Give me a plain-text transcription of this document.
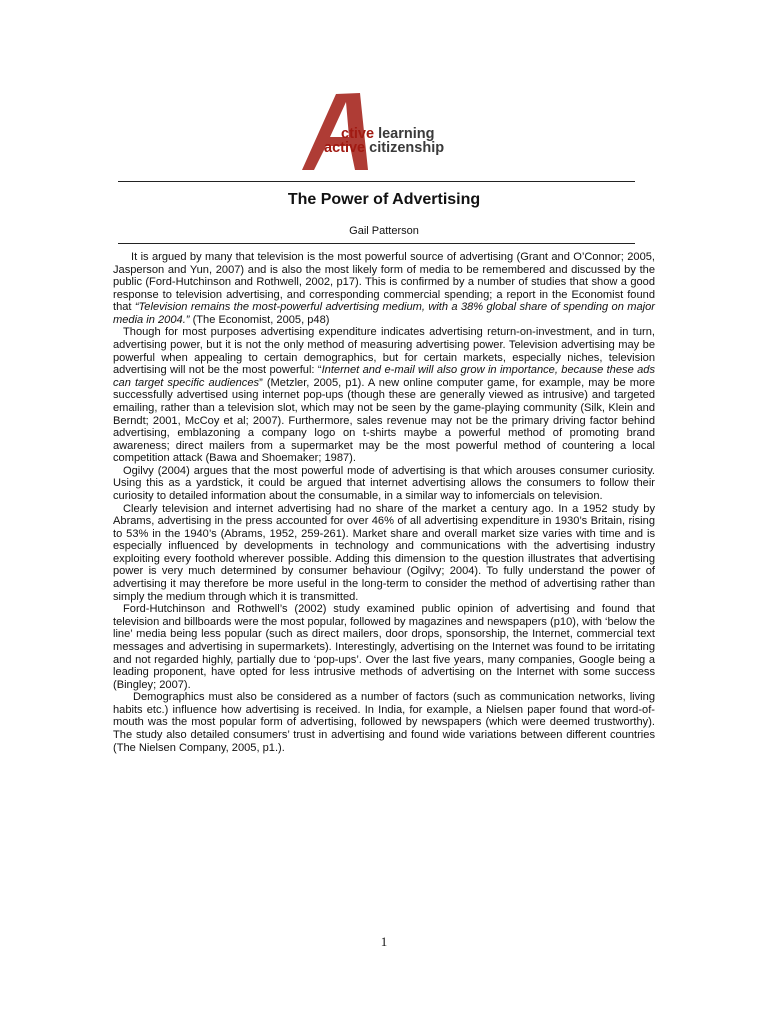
ctive learning
active citizenship
The Power of Advertising

Gail Patterson

It is argued by many that television is the most powerful source of advertising (Grant and O’Connor; 2005, Jasperson and Yun, 2007) and is also the most likely form of media to be remembered and discussed by the public (Ford-Hutchinson and Rothwell, 2002, p17). This is confirmed by a number of studies that show a good response to television advertising, and corresponding commercial spending; a report in the Economist found that “Television remains the most-powerful advertising medium, with a 38% global share of spending on major media in 2004.” (The Economist, 2005, p48)

Though for most purposes advertising expenditure indicates advertising return-on-investment, and in turn, advertising power, but it is not the only method of measuring advertising power. Television advertising may be powerful when appealing to certain demographics, but for certain markets, especially niches, television advertising will not be the most powerful: “Internet and e-mail will also grow in importance, because these ads can target specific audiences” (Metzler, 2005, p1). A new online computer game, for example, may be more successfully advertised using internet pop-ups (though these are generally viewed as intrusive) and targeted emailing, rather than a television slot, which may not be seen by the game-playing community (Silk, Klein and Berndt; 2001, McCoy et al; 2007). Furthermore, sales revenue may not be the primary driving factor behind advertising, emblazoning a company logo on t-shirts maybe a powerful method of promoting brand awareness; direct mailers from a supermarket may be the most powerful method of countering a local competition attack (Bawa and Shoemaker; 1987).

Ogilvy (2004) argues that the most powerful mode of advertising is that which arouses consumer curiosity. Using this as a yardstick, it could be argued that internet advertising allows the consumers to follow their curiosity to detailed information about the consumable, in a similar way to infomercials on television.

Clearly television and internet advertising had no share of the market a century ago. In a 1952 study by Abrams, advertising in the press accounted for over 46% of all advertising expenditure in 1930’s Britain, rising to 53% in the 1940’s (Abrams, 1952, 259-261). Market share and overall market size varies with time and is especially influenced by developments in technology and communications with the advertising industry exploiting every foothold wherever possible. Adding this dimension to the question illustrates that advertising power is very much determined by consumer behaviour (Ogilvy; 2004). To fully understand the power of advertising it may therefore be more useful in the long-term to consider the method of advertising rather than simply the medium through which it is transmitted.

Ford-Hutchinson and Rothwell’s (2002) study examined public opinion of advertising and found that television and billboards were the most popular, followed by magazines and newspapers (p10), with ‘below the line’ media being less popular (such as direct mailers, door drops, sponsorship, the Internet, commercial text messages and advertising in supermarkets). Interestingly, advertising on the Internet was found to be irritating and not regarded highly, partially due to ‘pop-ups’. Over the last five years, many companies, Google being a leading proponent, have opted for less intrusive methods of advertising on the Internet with some success (Bingley; 2007).

Demographics must also be considered as a number of factors (such as communication networks, living habits etc.) influence how advertising is received. In India, for example, a Nielsen paper found that word-of-mouth was the most popular form of advertising, followed by newspapers (which were deemed trustworthy). The study also detailed consumers’ trust in advertising and found wide variations between different countries (The Nielsen Company, 2005, p1.).

1
